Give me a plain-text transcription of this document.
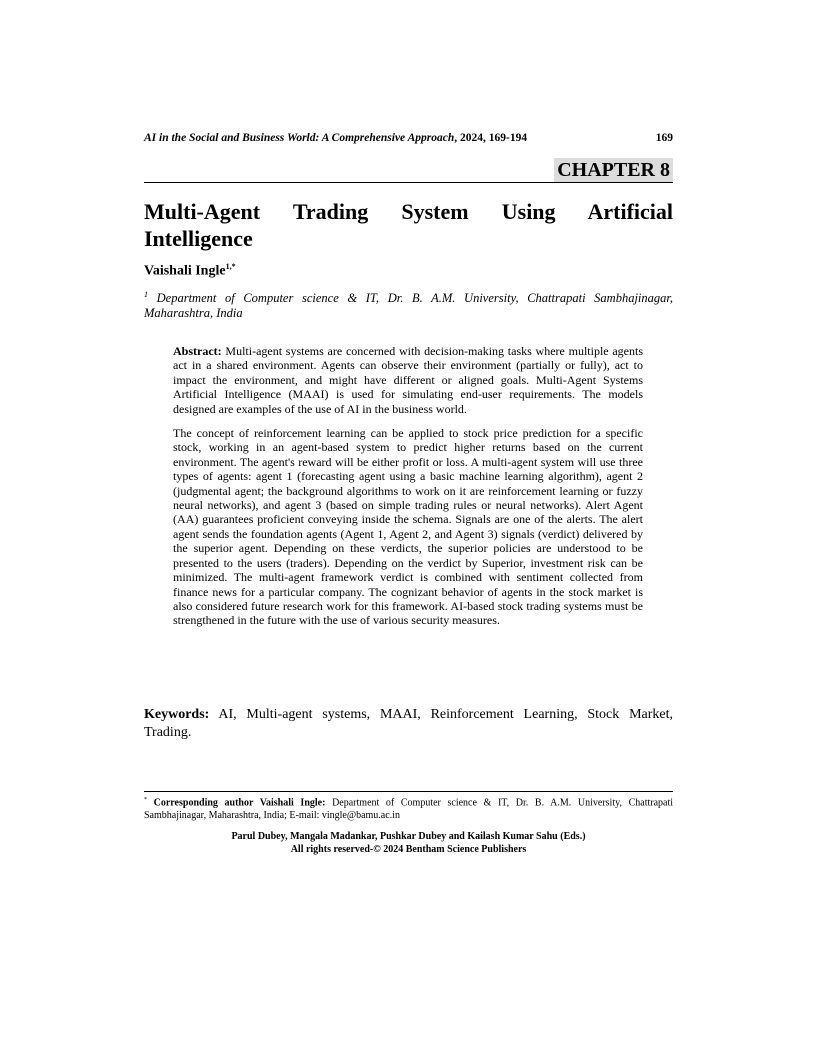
AI in the Social and Business World: A Comprehensive Approach, 2024, 169-194	169
CHAPTER 8
Multi-Agent Trading System Using Artificial Intelligence
Vaishali Ingle$^{1,*}$
$^1$ Department of Computer science & IT, Dr. B. A.M. University, Chattrapati Sambhajinagar, Maharashtra, India

Abstract: Multi-agent systems are concerned with decision-making tasks where multiple agents act in a shared environment. Agents can observe their environment (partially or fully), act to impact the environment, and might have different or aligned goals. Multi-Agent Systems Artificial Intelligence (MAAI) is used for simulating end-user requirements. The models designed are examples of the use of AI in the business world.

The concept of reinforcement learning can be applied to stock price prediction for a specific stock, working in an agent-based system to predict higher returns based on the current environment. The agent's reward will be either profit or loss. A multi-agent system will use three types of agents: agent 1 (forecasting agent using a basic machine learning algorithm), agent 2 (judgmental agent; the background algorithms to work on it are reinforcement learning or fuzzy neural networks), and agent 3 (based on simple trading rules or neural networks). Alert Agent (AA) guarantees proficient conveying inside the schema. Signals are one of the alerts. The alert agent sends the foundation agents (Agent 1, Agent 2, and Agent 3) signals (verdict) delivered by the superior agent. Depending on these verdicts, the superior policies are understood to be presented to the users (traders). Depending on the verdict by Superior, investment risk can be minimized. The multi-agent framework verdict is combined with sentiment collected from finance news for a particular company. The cognizant behavior of agents in the stock market is also considered future research work for this framework. AI-based stock trading systems must be strengthened in the future with the use of various security measures.

Keywords: AI, Multi-agent systems, MAAI, Reinforcement Learning, Stock Market, Trading.
* Corresponding author Vaishali Ingle: Department of Computer science & IT, Dr. B. A.M. University, Chattrapati Sambhajinagar, Maharashtra, India; E-mail: vingle@bamu.ac.in
Parul Dubey, Mangala Madankar, Pushkar Dubey and Kailash Kumar Sahu (Eds.)
All rights reserved-© 2024 Bentham Science Publishers
